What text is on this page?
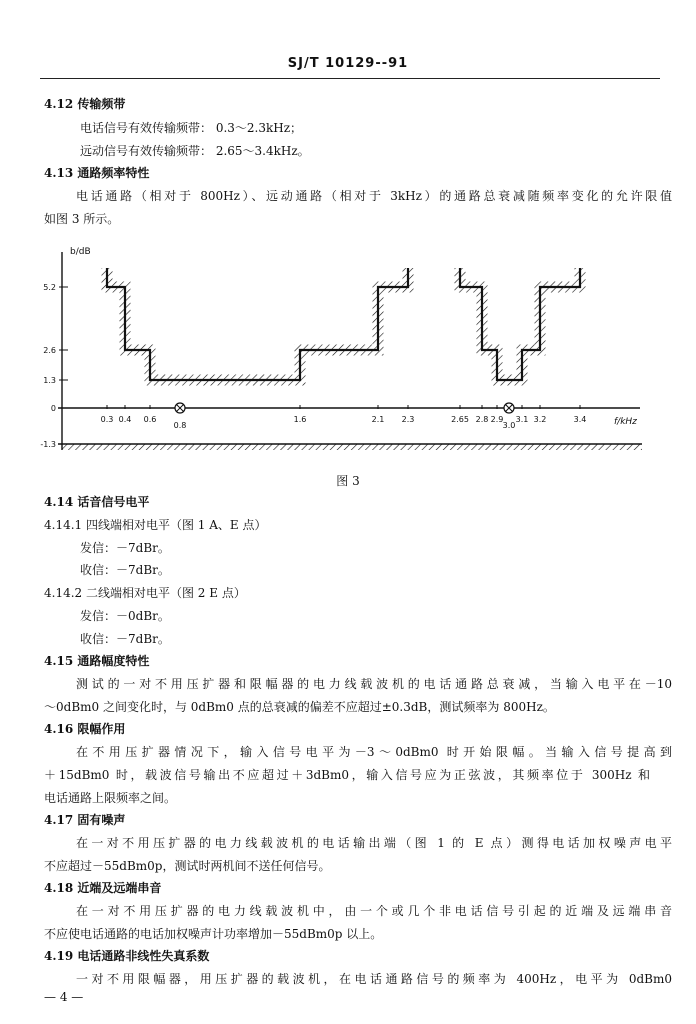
SJ/T 10129--91
4.12 传输频带
电话信号有效传输频带： 0.3～2.3kHz；
远动信号有效传输频带： 2.65～3.4kHz。
4.13 通路频率特性
电话通路（相对于 800Hz）、远动通路（相对于 3kHz）的通路总衰减随频率变化的允许限值
如图 3 所示。
b/dB
f/kHz
5.2
2.6
1.3
0
-1.3
0.3 0.4 0.6
0.8
1.6	2.1 2.3	2.65 2.8 2.9
3.0
3.1 3.2	3.4
图 3
4.14 话音信号电平
4.14.1 四线端相对电平（图 1 A、E 点）
发信：－7dBr。
收信：－7dBr。
4.14.2 二线端相对电平（图 2 E 点）
发信：－0dBr。
收信：－7dBr。
4.15 通路幅度特性
测试的一对不用压扩器和限幅器的电力线载波机的电话通路总衰减，当输入电平在－10
～0dBm0 之间变化时，与 0dBm0 点的总衰减的偏差不应超过±0.3dB，测试频率为 800Hz。
4.16 限幅作用
在不用压扩器情况下，输入信号电平为－3～0dBm0 时开始限幅。当输入信号提高到
＋15dBm0 时，载波信号输出不应超过＋3dBm0，输入信号应为正弦波，其频率位于 300Hz 和
电话通路上限频率之间。
4.17 固有噪声
在一对不用压扩器的电力线载波机的电话输出端（图 1 的 E 点）测得电话加权噪声电平
不应超过－55dBm0p，测试时两机间不送任何信号。
4.18 近端及远端串音
在一对不用压扩器的电力线载波机中，由一个或几个非电话信号引起的近端及远端串音
不应使电话通路的电话加权噪声计功率增加－55dBm0p 以上。
4.19 电话通路非线性失真系数
一对不用限幅器，用压扩器的载波机，在电话通路信号的频率为 400Hz，电平为 0dBm0
— 4 —
